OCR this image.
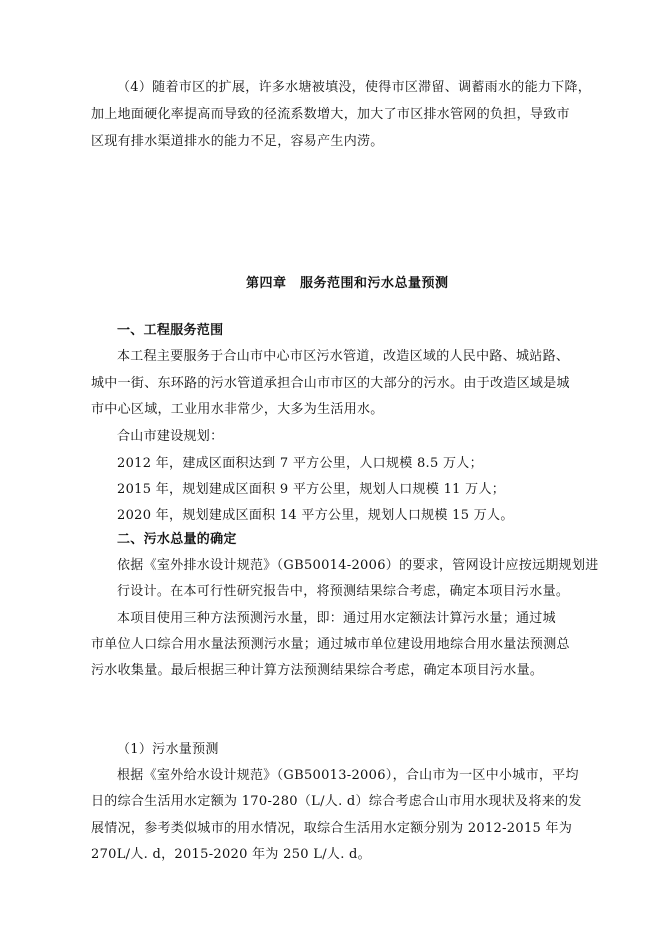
（4）随着市区的扩展，许多水塘被填没，使得市区滞留、调蓄雨水的能力下降，
加上地面硬化率提高而导致的径流系数增大，加大了市区排水管网的负担，导致市
区现有排水渠道排水的能力不足，容易产生内涝。
第四章　服务范围和污水总量预测
一、工程服务范围
本工程主要服务于合山市中心市区污水管道，改造区域的人民中路、城站路、
城中一街、东环路的污水管道承担合山市市区的大部分的污水。由于改造区域是城
市中心区域，工业用水非常少，大多为生活用水。
合山市建设规划：
2012 年，建成区面积达到 7 平方公里，人口规模 8.5 万人；
2015 年，规划建成区面积 9 平方公里，规划人口规模 11 万人；
2020 年，规划建成区面积 14 平方公里，规划人口规模 15 万人。
二、污水总量的确定
依据《室外排水设计规范》（GB50014-2006）的要求，管网设计应按远期规划进
行设计。在本可行性研究报告中，将预测结果综合考虑，确定本项目污水量。
本项目使用三种方法预测污水量，即：通过用水定额法计算污水量；通过城
市单位人口综合用水量法预测污水量；通过城市单位建设用地综合用水量法预测总
污水收集量。最后根据三种计算方法预测结果综合考虑，确定本项目污水量。
（1）污水量预测
根据《室外给水设计规范》（GB50013-2006），合山市为一区中小城市，平均
日的综合生活用水定额为 170-280（L/人. d）综合考虑合山市用水现状及将来的发
展情况，参考类似城市的用水情况，取综合生活用水定额分别为 2012-2015 年为
270L/人. d，2015-2020 年为 250 L/人. d。
